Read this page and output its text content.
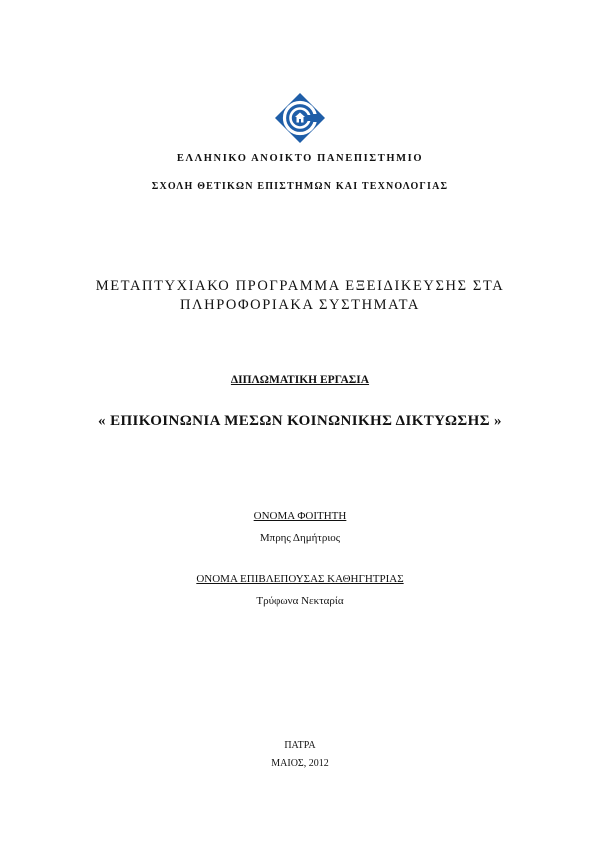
ΕΛΛΗΝΙΚΟ ΑΝΟΙΚΤΟ ΠΑΝΕΠΙΣΤΗΜΙΟ
ΣΧΟΛΗ ΘΕΤΙΚΩΝ ΕΠΙΣΤΗΜΩΝ ΚΑΙ ΤΕΧΝΟΛΟΓΙΑΣ
ΜΕΤΑΠΤΥΧΙΑΚΟ ΠΡΟΓΡΑΜΜΑ ΕΞΕΙΔΙΚΕΥΣΗΣ ΣΤΑ
ΠΛΗΡΟΦΟΡΙΑΚΑ ΣΥΣΤΗΜΑΤΑ
ΔΙΠΛΩΜΑΤΙΚΗ ΕΡΓΑΣΙΑ
« ΕΠΙΚΟΙΝΩΝΙΑ ΜΕΣΩΝ ΚΟΙΝΩΝΙΚΗΣ ΔΙΚΤΥΩΣΗΣ »
ΟΝΟΜΑ ΦΟΙΤΗΤΗ
Μπρης Δημήτριος
ΟΝΟΜΑ ΕΠΙΒΛΕΠΟΥΣΑΣ ΚΑΘΗΓΗΤΡΙΑΣ
Τρύφωνα Νεκταρία
ΠΑΤΡΑ
ΜΑΙΟΣ, 2012
